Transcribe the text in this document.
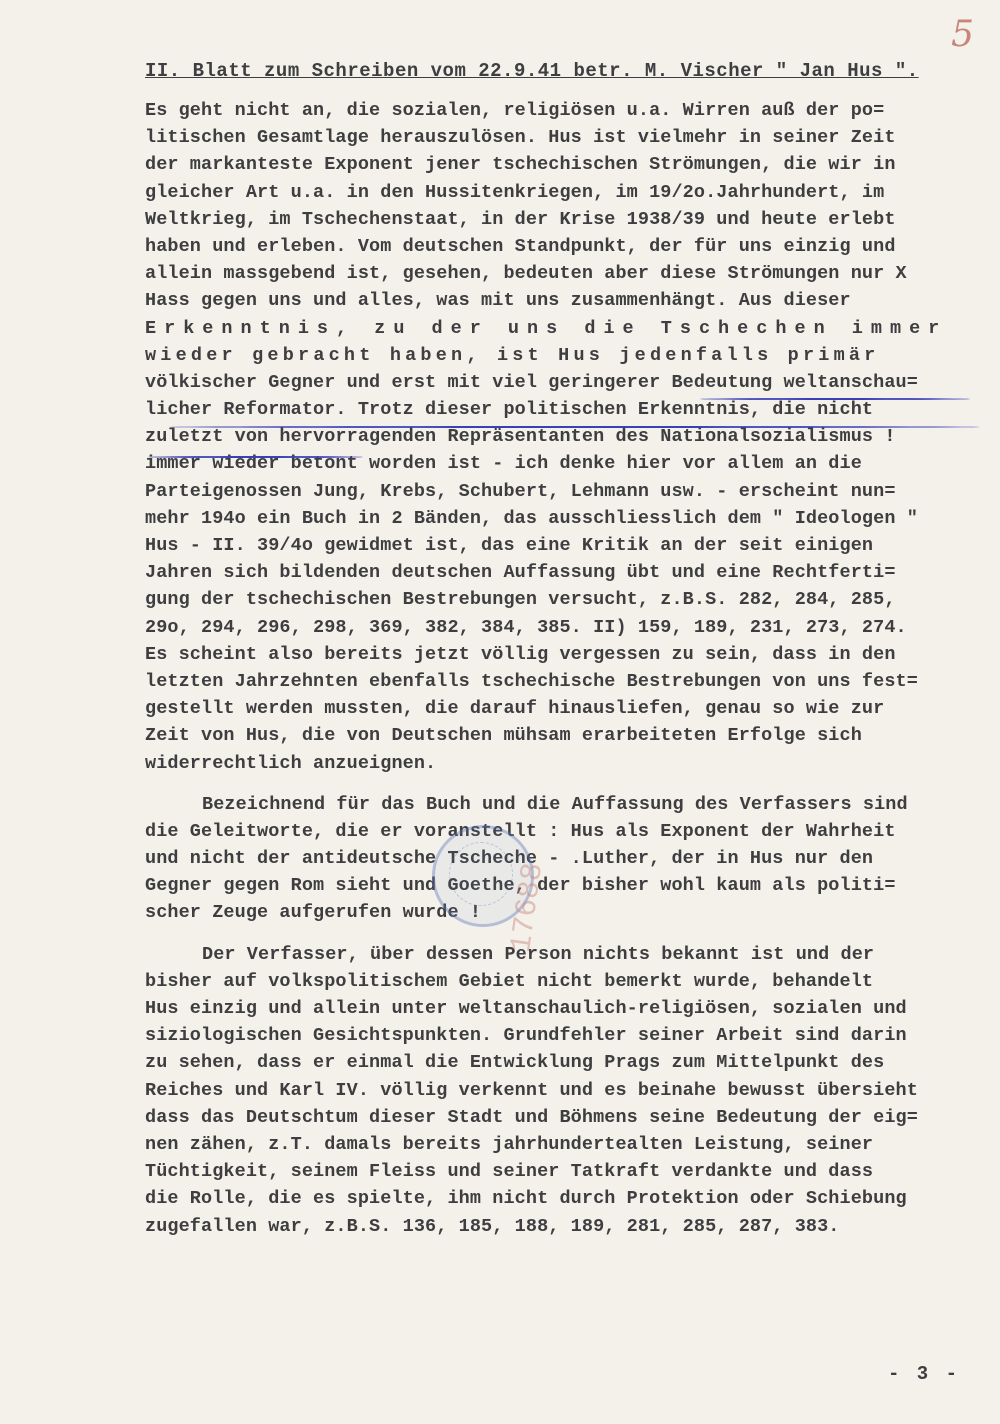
5
II. Blatt zum Schreiben vom 22.9.41 betr. M. Vischer " Jan Hus ".
Es geht nicht an, die sozialen, religiösen u.a. Wirren auß der po=
litischen Gesamtlage herauszulösen. Hus ist vielmehr in seiner Zeit
der markanteste Exponent jener tschechischen Strömungen, die wir in
gleicher Art u.a. in den Hussitenkriegen, im 19/2o.Jahrhundert, im
Weltkrieg, im Tschechenstaat, in der Krise 1938/39 und heute erlebt
haben und erleben. Vom deutschen Standpunkt, der für uns einzig und
allein massgebend ist, gesehen, bedeuten aber diese Strömungen nur X
Hass gegen uns und alles, was mit uns zusammenhängt. Aus dieser
Erkenntnis, zu der uns die Tschechen immer
wieder gebracht haben, ist Hus jedenfalls primär
völkischer Gegner und erst mit viel geringerer Bedeutung weltanschau=
licher Reformator. Trotz dieser politischen Erkenntnis, die nicht
zuletzt von hervorragenden Repräsentanten des Nationalsozialismus !
immer wieder betont worden ist - ich denke hier vor allem an die
Parteigenossen Jung, Krebs, Schubert, Lehmann usw. - erscheint nun=
mehr 194o ein Buch in 2 Bänden, das ausschliesslich dem " Ideologen "
Hus - II. 39/4o gewidmet ist, das eine Kritik an der seit einigen
Jahren sich bildenden deutschen Auffassung übt und eine Rechtferti=
gung der tschechischen Bestrebungen versucht, z.B.S. 282, 284, 285,
29o, 294, 296, 298, 369, 382, 384, 385. II) 159, 189, 231, 273, 274.
Es scheint also bereits jetzt völlig vergessen zu sein, dass in den
letzten Jahrzehnten ebenfalls tschechische Bestrebungen von uns fest=
gestellt werden mussten, die darauf hinausliefen, genau so wie zur
Zeit von Hus, die von Deutschen mühsam erarbeiteten Erfolge sich
widerrechtlich anzueignen.
Bezeichnend für das Buch und die Auffassung des Verfassers sind
die Geleitworte, die er voranstellt : Hus als Exponent der Wahrheit
und nicht der antideutsche Tscheche - .Luther, der in Hus nur den
Gegner gegen Rom sieht und Goethe, der bisher wohl kaum als politi=
scher Zeuge aufgerufen wurde !
Der Verfasser, über dessen Person nichts bekannt ist und der
bisher auf volkspolitischem Gebiet nicht bemerkt wurde, behandelt
Hus einzig und allein unter weltanschaulich-religiösen, sozialen und
siziologischen Gesichtspunkten. Grundfehler seiner Arbeit sind darin
zu sehen, dass er einmal die Entwicklung Prags zum Mittelpunkt des
Reiches und Karl IV. völlig verkennt und es beinahe bewusst übersieht
dass das Deutschtum dieser Stadt und Böhmens seine Bedeutung der eig=
nen zähen, z.T. damals bereits jahrhundertealten Leistung, seiner
Tüchtigkeit, seinem Fleiss und seiner Tatkraft verdankte und dass
die Rolle, die es spielte, ihm nicht durch Protektion oder Schiebung
zugefallen war, z.B.S. 136, 185, 188, 189, 281, 285, 287, 383.
17688
- 3 -
